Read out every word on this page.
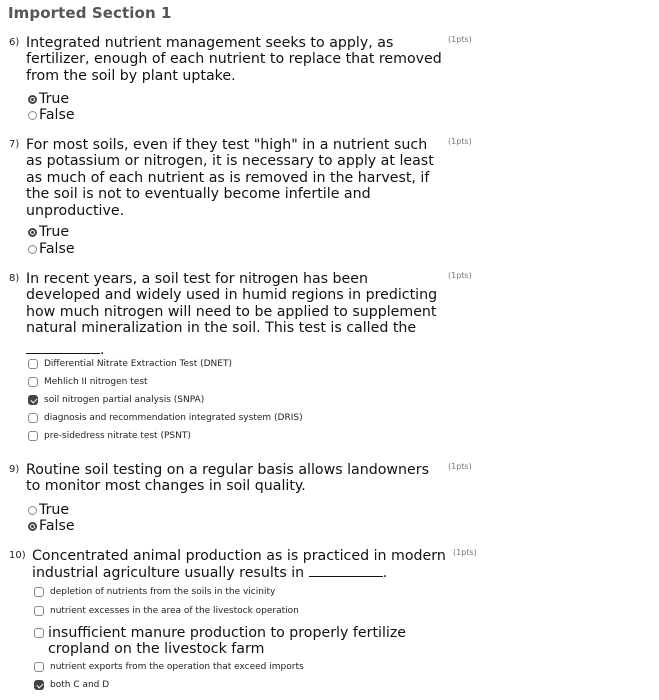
Imported Section 1
6) Integrated nutrient management seeks to apply, as fertilizer, enough of each nutrient to replace that removed from the soil by plant uptake.
(1pts)
True
False
7) For most soils, even if they test "high" in a nutrient such as potassium or nitrogen, it is necessary to apply at least as much of each nutrient as is removed in the harvest, if the soil is not to eventually become infertile and unproductive.
(1pts)
True
False
8) In recent years, a soil test for nitrogen has been developed and widely used in humid regions in predicting how much nitrogen will need to be applied to supplement natural mineralization in the soil. This test is called the
.
(1pts)
Differential Nitrate Extraction Test (DNET)
Mehlich II nitrogen test
soil nitrogen partial analysis (SNPA)
diagnosis and recommendation integrated system (DRIS)
pre-sidedress nitrate test (PSNT)
9) Routine soil testing on a regular basis allows landowners to monitor most changes in soil quality.
(1pts)
True
False
10) Concentrated animal production as is practiced in modern industrial agriculture usually results in	.
(1pts)
depletion of nutrients from the soils in the vicinity
nutrient excesses in the area of the livestock operation
insufficient manure production to properly fertilize cropland on the livestock farm
nutrient exports from the operation that exceed imports
both C and D
